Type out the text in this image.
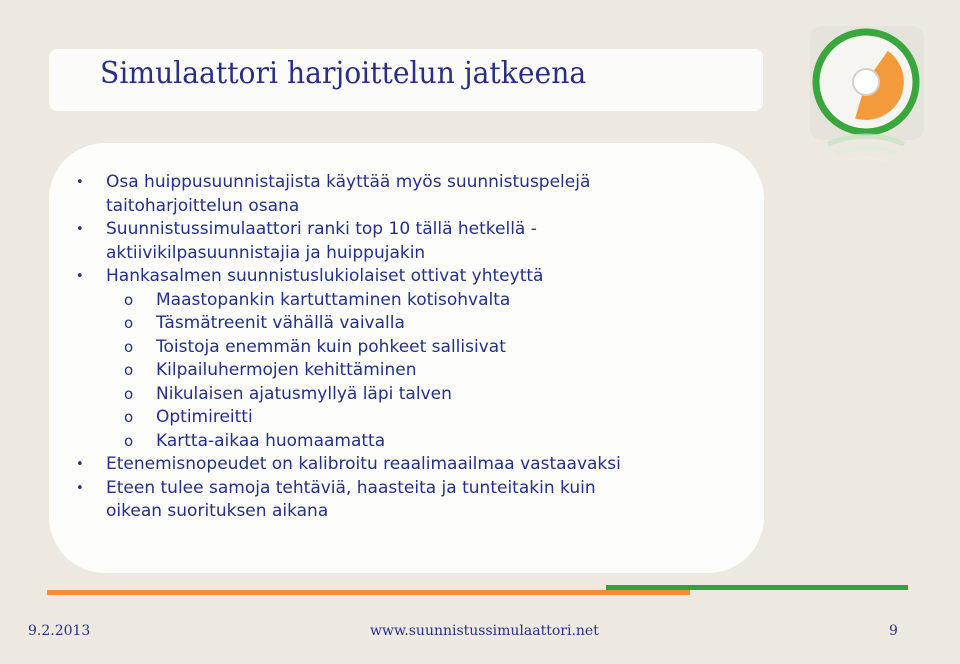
Simulaattori harjoittelun jatkeena
• Osa huippusuunnistajista käyttää myös suunnistuspelejä
taitoharjoittelun osana
• Suunnistussimulaattori ranki top 10 tällä hetkellä -
aktiivikilpasuunnistajia ja huippujakin
• Hankasalmen suunnistuslukiolaiset ottivat yhteyttä
o Maastopankin kartuttaminen kotisohvalta
o Täsmätreenit vähällä vaivalla
o Toistoja enemmän kuin pohkeet sallisivat
o Kilpailuhermojen kehittäminen
o Nikulaisen ajatusmyllyä läpi talven
o Optimireitti
o Kartta-aikaa huomaamatta
• Etenemisnopeudet on kalibroitu reaalimaailmaa vastaavaksi
• Eteen tulee samoja tehtäviä, haasteita ja tunteitakin kuin
oikean suorituksen aikana
9.2.2013	www.suunnistussimulaattori.net	9
